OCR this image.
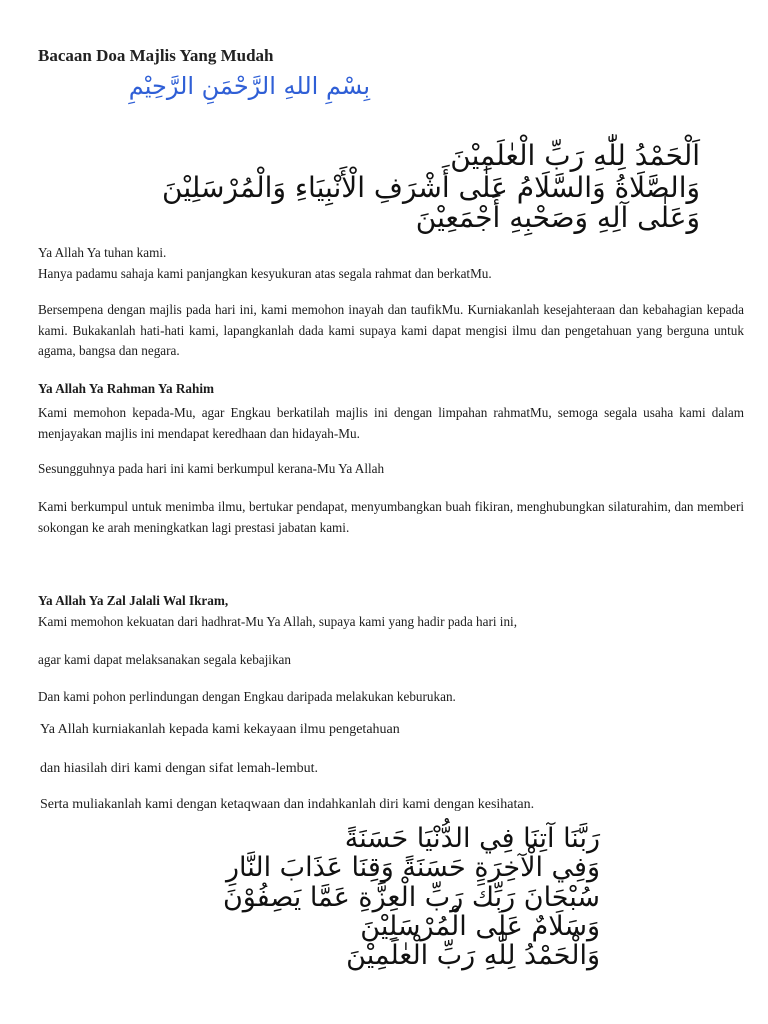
Bacaan Doa Majlis Yang Mudah
بِسْمِ اللهِ الرَّحْمَنِ الرَّحِيْمِ
اَلْحَمْدُ لِلّٰهِ رَبِّ الْعٰلَمِيْنَ
وَالصَّلَاةُ وَالسَّلَامُ عَلٰى أَشْرَفِ الْأَنْبِيَاءِ وَالْمُرْسَلِيْنَ
وَعَلٰى آلِهِ وَصَحْبِهِ أَجْمَعِيْنَ
Ya Allah Ya tuhan kami.
Hanya padamu sahaja kami panjangkan kesyukuran atas segala rahmat dan berkatMu.
Bersempena dengan majlis pada hari ini, kami memohon inayah dan taufikMu. Kurniakanlah kesejahteraan dan kebahagian kepada kami. Bukakanlah hati-hati kami, lapangkanlah dada kami supaya kami dapat mengisi ilmu dan pengetahuan yang berguna untuk agama, bangsa dan negara.
Ya Allah Ya Rahman Ya Rahim
Kami memohon kepada-Mu, agar Engkau berkatilah majlis ini dengan limpahan rahmatMu, semoga segala usaha kami dalam menjayakan majlis ini mendapat keredhaan dan hidayah-Mu.
Sesungguhnya pada hari ini kami berkumpul kerana-Mu Ya Allah
Kami berkumpul untuk menimba ilmu, bertukar pendapat, menyumbangkan buah fikiran, menghubungkan silaturahim, dan memberi sokongan ke arah meningkatkan lagi prestasi jabatan kami.
Ya Allah Ya Zal Jalali Wal Ikram,
Kami memohon kekuatan dari hadhrat-Mu Ya Allah, supaya kami yang hadir pada hari ini,
agar kami dapat melaksanakan segala kebajikan
Dan kami pohon perlindungan dengan Engkau daripada melakukan keburukan.
Ya Allah kurniakanlah kepada kami kekayaan ilmu pengetahuan
dan hiasilah diri kami dengan sifat lemah-lembut.
Serta muliakanlah kami dengan ketaqwaan dan indahkanlah diri kami dengan kesihatan.
رَبَّنَا آتِنَا فِي الدُّنْيَا حَسَنَةً
وَفِي الْآخِرَةِ حَسَنَةً وَقِنَا عَذَابَ النَّارِ
سُبْحَانَ رَبِّكَ رَبِّ الْعِزَّةِ عَمَّا يَصِفُوْنَ
وَسَلَامٌ عَلَى الْمُرْسَلِيْنَ
وَالْحَمْدُ لِلّٰهِ رَبِّ الْعٰلَمِيْنَ
